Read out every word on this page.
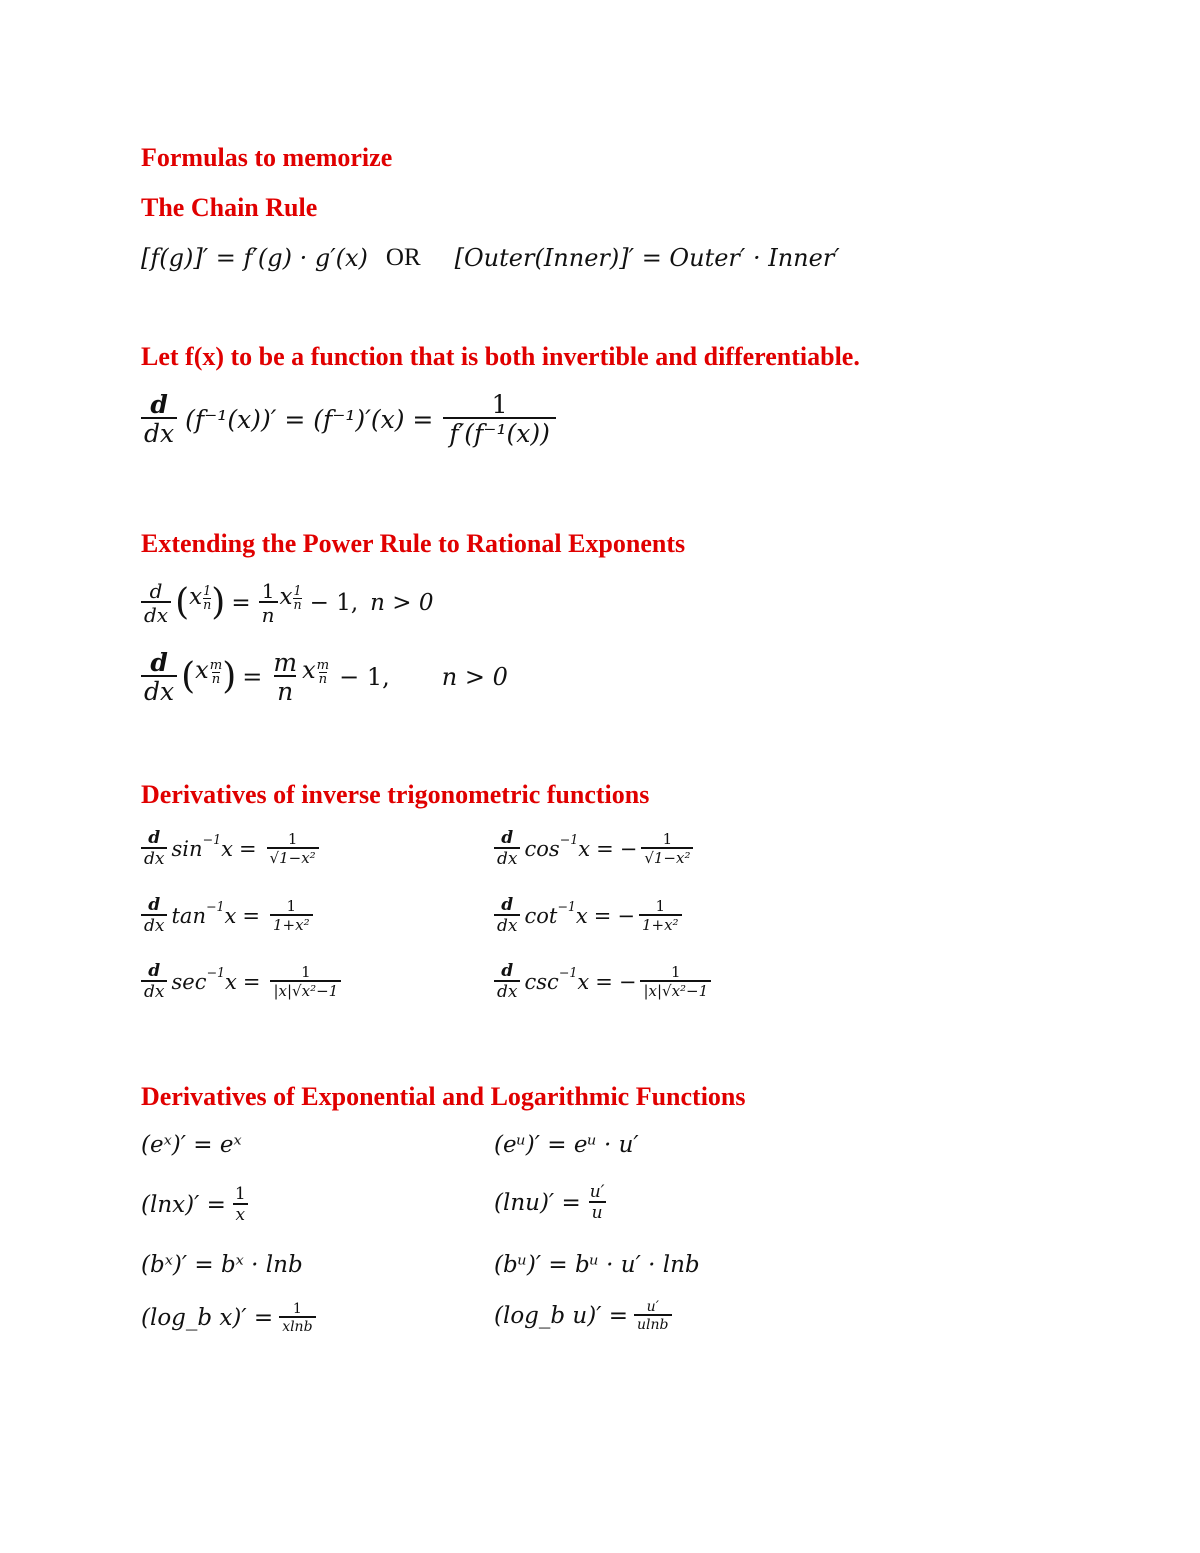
Formulas to memorize
The Chain Rule
[f(g)]′ = f′(g) · g′(x) OR [Outer(Inner)]′ = Outer′ · Inner′
Let f(x) to be a function that is both invertible and differentiable.
$\frac{d}{dx} (f^{-1}(x))' = (f^{-1})'(x) = \frac{1}{\text{f′(f⁻¹(x))}}$
Extending the Power Rule to Rational Exponents
$\frac{d}{dx}$ ( x $\frac{1}{n}$ ) = $\frac{1}{n}$ x $\frac{1}{n} - 1$, n > 0
$\frac{d}{dx}$ ( x $\frac{m}{n}$ ) = $\frac{m}{n}$ x $\frac{m}{n} - 1$, n > 0
Derivatives of inverse trigonometric functions
$\frac{d}{dx}$ sin −1 $x = \frac{1}{\text{√1−x²}}$	$\frac{d}{dx}$ cos −1 x = − $\frac{1}{\text{√1−x²}}$
$\frac{d}{dx}$ tan −1 $x = \frac{1}{\text{1+x²}}$	$\frac{d}{dx}$ cot −1 x = − $\frac{1}{\text{1+x²}}$
$\frac{d}{dx}$ sec −1 $x = \frac{1}{\text{|x|√x²−1}}$	$\frac{d}{dx}$ csc −1 x = − $\frac{1}{\text{|x|√x²−1}}$
Derivatives of Exponential and Logarithmic Functions
(eˣ)′ = eˣ	(eᵘ)′ = eᵘ · u′
$(\ln x)' = \frac{1}{x}$	$(\ln u)' = \frac{u'}{u}$
(bˣ)′ = bˣ · lnb	(bᵘ)′ = bᵘ · u′ · lnb
(log_b $x)' = \frac{1}{xlnb}$	(log_b $u)' = \frac{u'}{ulnb}$
